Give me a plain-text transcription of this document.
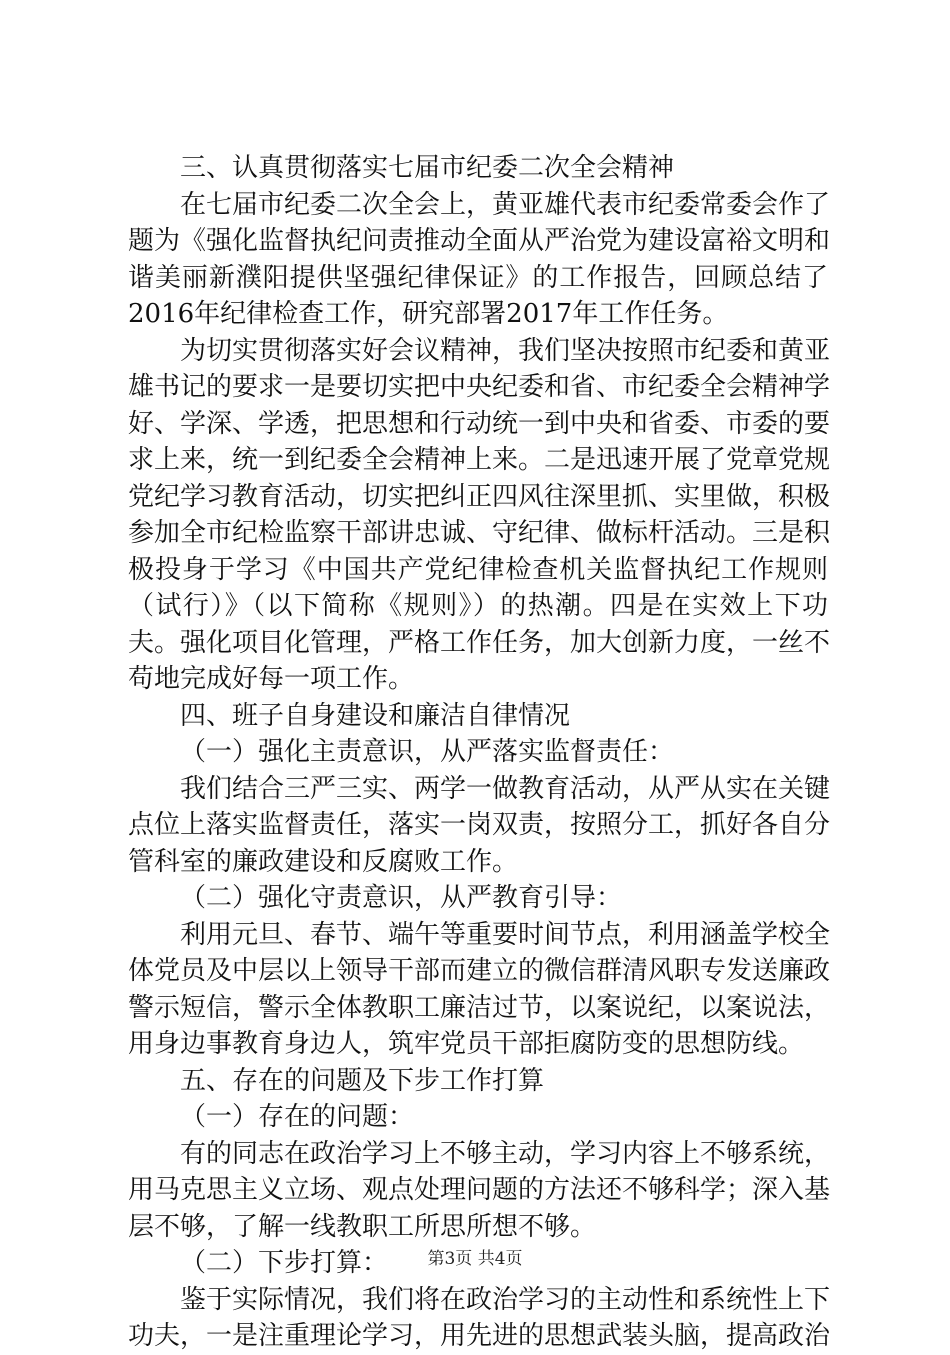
三、认真贯彻落实七届市纪委二次全会精神
在七届市纪委二次全会上，黄亚雄代表市纪委常委会作了
题为《强化监督执纪问责推动全面从严治党为建设富裕文明和
谐美丽新濮阳提供坚强纪律保证》的工作报告，回顾总结了
2016年纪律检查工作，研究部署2017年工作任务。
为切实贯彻落实好会议精神，我们坚决按照市纪委和黄亚
雄书记的要求一是要切实把中央纪委和省、市纪委全会精神学
好、学深、学透，把思想和行动统一到中央和省委、市委的要
求上来，统一到纪委全会精神上来。二是迅速开展了党章党规
党纪学习教育活动，切实把纠正四风往深里抓、实里做，积极
参加全市纪检监察干部讲忠诚、守纪律、做标杆活动。三是积
极投身于学习《中国共产党纪律检查机关监督执纪工作规则
（试行）》（以下简称《规则》）的热潮。四是在实效上下功
夫。强化项目化管理，严格工作任务，加大创新力度，一丝不
苟地完成好每一项工作。
四、班子自身建设和廉洁自律情况
（一）强化主责意识，从严落实监督责任：
我们结合三严三实、两学一做教育活动，从严从实在关键
点位上落实监督责任，落实一岗双责，按照分工，抓好各自分
管科室的廉政建设和反腐败工作。
（二）强化守责意识，从严教育引导：
利用元旦、春节、端午等重要时间节点，利用涵盖学校全
体党员及中层以上领导干部而建立的微信群清风职专发送廉政
警示短信，警示全体教职工廉洁过节，以案说纪，以案说法，
用身边事教育身边人，筑牢党员干部拒腐防变的思想防线。
五、存在的问题及下步工作打算
（一）存在的问题：
有的同志在政治学习上不够主动，学习内容上不够系统，
用马克思主义立场、观点处理问题的方法还不够科学；深入基
层不够，了解一线教职工所思所想不够。
（二）下步打算：
鉴于实际情况，我们将在政治学习的主动性和系统性上下
功夫，一是注重理论学习，用先进的思想武装头脑，提高政治
第3页 共4页
